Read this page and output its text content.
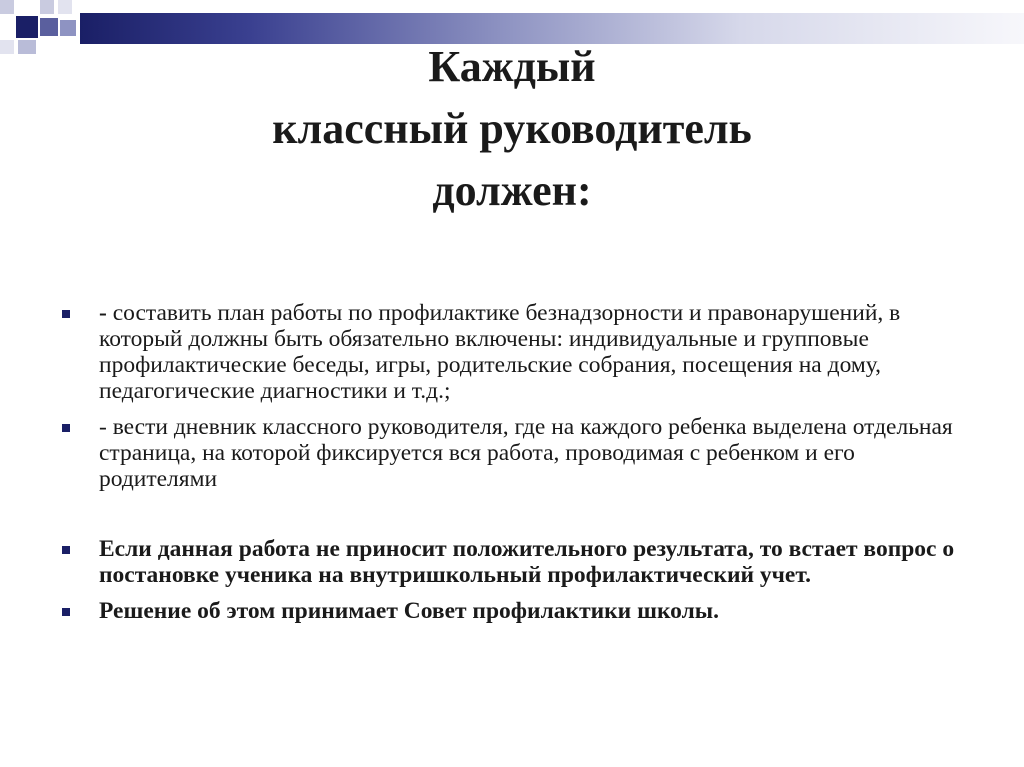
Каждый
классный руководитель
должен:
- составить план работы по профилактике безнадзорности и правонарушений, в который должны быть обязательно включены: индивидуальные и групповые профилактические беседы, игры, родительские собрания, посещения на дому, педагогические диагностики и т.д.;
- вести дневник классного руководителя, где на каждого ребенка выделена отдельная страница, на которой фиксируется вся работа, проводимая с ребенком и его родителями
Если данная работа не приносит положительного результата, то встает вопрос о постановке ученика на внутришкольный профилактический учет.
Решение об этом принимает Совет профилактики школы.
